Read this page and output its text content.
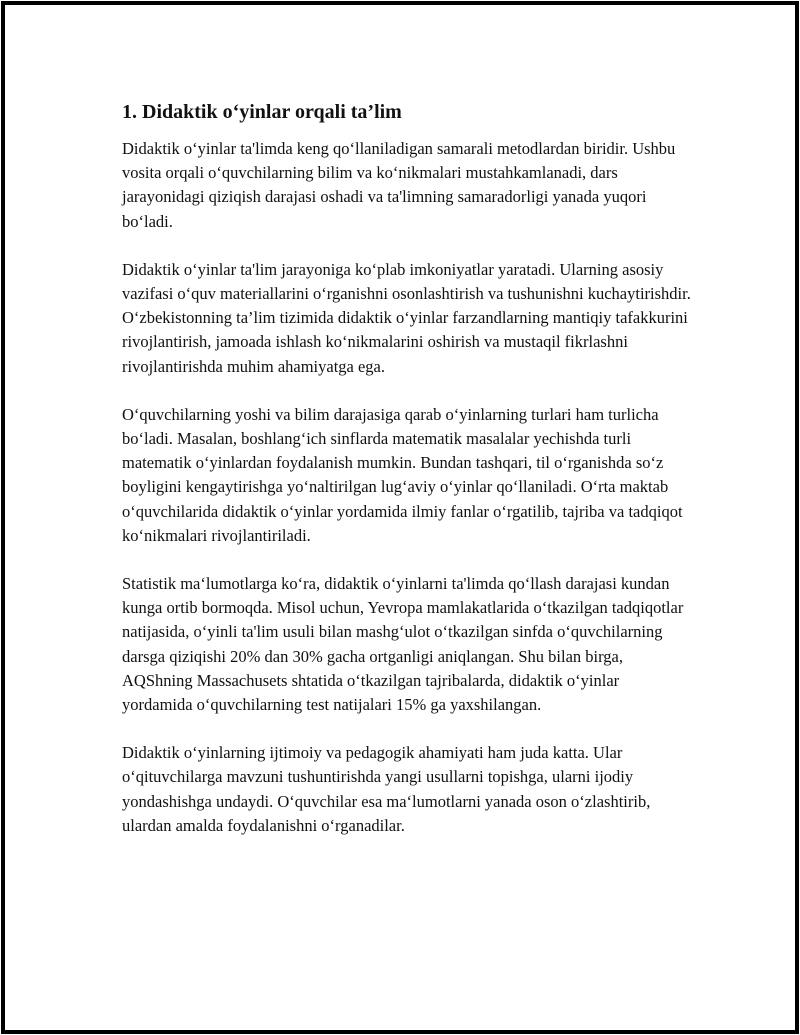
1. Didaktik o‘yinlar orqali ta’lim

Didaktik o‘yinlar ta'limda keng qo‘llaniladigan samarali metodlardan biridir. Ushbu vosita orqali o‘quvchilarning bilim va ko‘nikmalari mustahkamlanadi, dars jarayonidagi qiziqish darajasi oshadi va ta'limning samaradorligi yanada yuqori bo‘ladi.

Didaktik o‘yinlar ta'lim jarayoniga ko‘plab imkoniyatlar yaratadi. Ularning asosiy vazifasi o‘quv materiallarini o‘rganishni osonlashtirish va tushunishni kuchaytirishdir. O‘zbekistonning ta’lim tizimida didaktik o‘yinlar farzandlarning mantiqiy tafakkurini rivojlantirish, jamoada ishlash ko‘nikmalarini oshirish va mustaqil fikrlashni rivojlantirishda muhim ahamiyatga ega.

O‘quvchilarning yoshi va bilim darajasiga qarab o‘yinlarning turlari ham turlicha bo‘ladi. Masalan, boshlang‘ich sinflarda matematik masalalar yechishda turli matematik o‘yinlardan foydalanish mumkin. Bundan tashqari, til o‘rganishda so‘z boyligini kengaytirishga yo‘naltirilgan lug‘aviy o‘yinlar qo‘llaniladi. O‘rta maktab o‘quvchilarida didaktik o‘yinlar yordamida ilmiy fanlar o‘rgatilib, tajriba va tadqiqot ko‘nikmalari rivojlantiriladi.

Statistik ma‘lumotlarga ko‘ra, didaktik o‘yinlarni ta'limda qo‘llash darajasi kundan kunga ortib bormoqda. Misol uchun, Yevropa mamlakatlarida o‘tkazilgan tadqiqotlar natijasida, o‘yinli ta'lim usuli bilan mashg‘ulot o‘tkazilgan sinfda o‘quvchilarning darsga qiziqishi 20% dan 30% gacha ortganligi aniqlangan. Shu bilan birga, AQShning Massachusets shtatida o‘tkazilgan tajribalarda, didaktik o‘yinlar yordamida o‘quvchilarning test natijalari 15% ga yaxshilangan.

Didaktik o‘yinlarning ijtimoiy va pedagogik ahamiyati ham juda katta. Ular o‘qituvchilarga mavzuni tushuntirishda yangi usullarni topishga, ularni ijodiy yondashishga undaydi. O‘quvchilar esa ma‘lumotlarni yanada oson o‘zlashtirib, ulardan amalda foydalanishni o‘rganadilar.
